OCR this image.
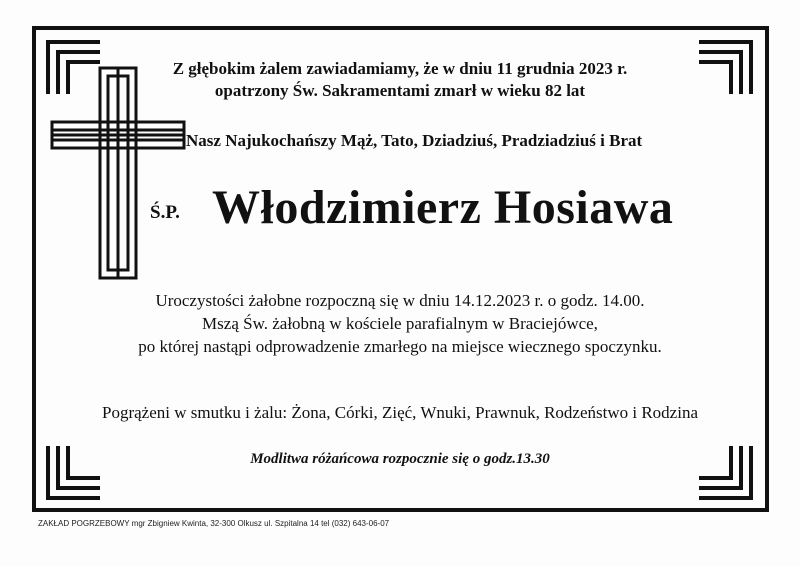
Z głębokim żalem zawiadamiamy, że w dniu 11 grudnia 2023 r.
opatrzony Św. Sakramentami zmarł w wieku 82 lat
Nasz Najukochańszy Mąż, Tato, Dziadziuś, Pradziadziuś i Brat
Ś.P. Włodzimierz Hosiawa
Uroczystości żałobne rozpoczną się w dniu 14.12.2023 r. o godz. 14.00.
Mszą Św. żałobną w kościele parafialnym w Braciejówce,
po której nastąpi odprowadzenie zmarłego na miejsce wiecznego spoczynku.
Pogrążeni w smutku i żalu: Żona, Córki, Zięć, Wnuki, Prawnuk, Rodzeństwo i Rodzina
Modlitwa różańcowa rozpocznie się o godz.13.30
ZAKŁAD POGRZEBOWY mgr Zbigniew Kwinta, 32-300 Olkusz ul. Szpitalna 14 tel (032) 643-06-07
